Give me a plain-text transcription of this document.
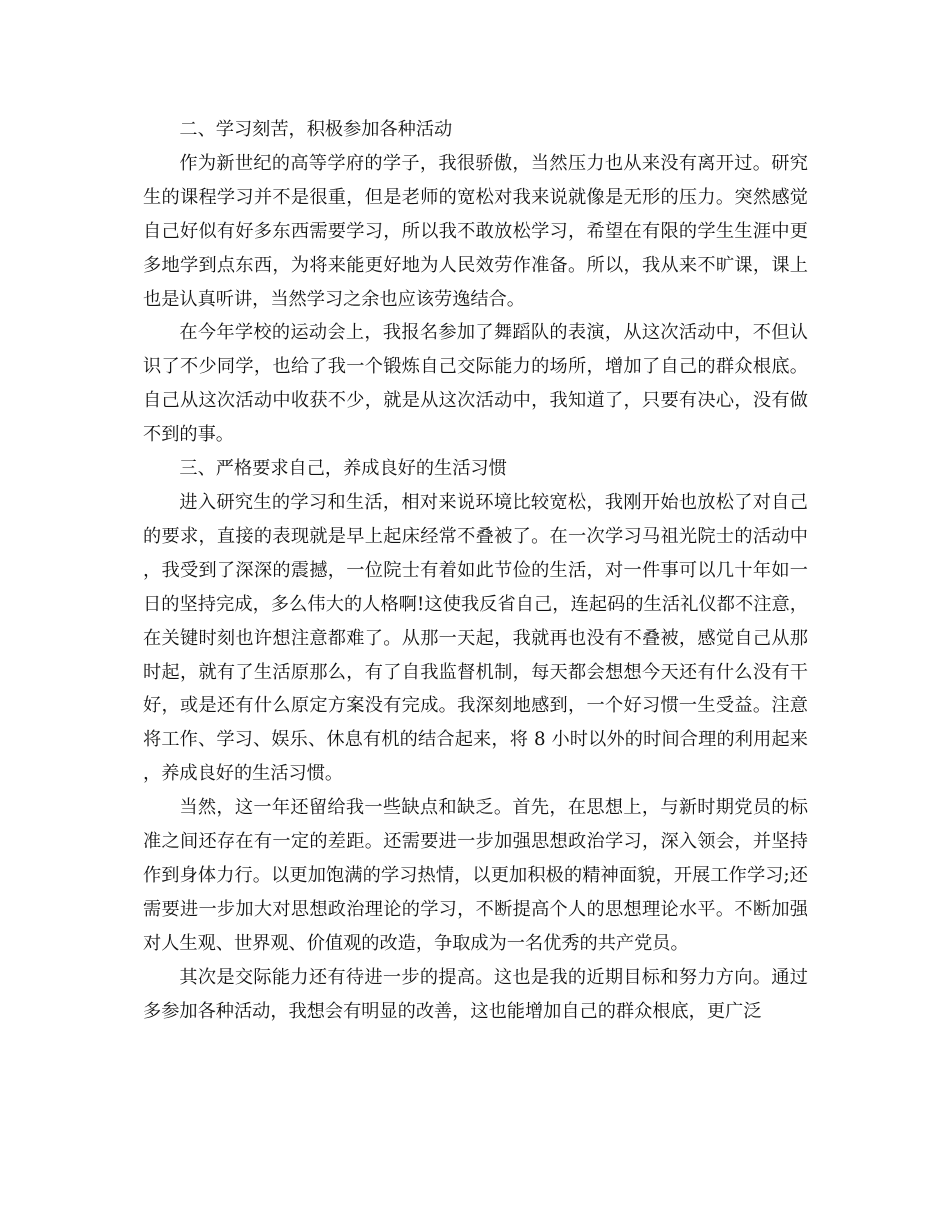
二、学习刻苦，积极参加各种活动

作为新世纪的高等学府的学子，我很骄傲，当然压力也从来没有离开过。研究生的课程学习并不是很重，但是老师的宽松对我来说就像是无形的压力。突然感觉自己好似有好多东西需要学习，所以我不敢放松学习，希望在有限的学生生涯中更多地学到点东西，为将来能更好地为人民效劳作准备。所以，我从来不旷课，课上也是认真听讲，当然学习之余也应该劳逸结合。

在今年学校的运动会上，我报名参加了舞蹈队的表演，从这次活动中，不但认识了不少同学，也给了我一个锻炼自己交际能力的场所，增加了自己的群众根底。自己从这次活动中收获不少，就是从这次活动中，我知道了，只要有决心，没有做不到的事。

三、严格要求自己，养成良好的生活习惯

进入研究生的学习和生活，相对来说环境比较宽松，我刚开始也放松了对自己的要求，直接的表现就是早上起床经常不叠被了。在一次学习马祖光院士的活动中，我受到了深深的震撼，一位院士有着如此节俭的生活，对一件事可以几十年如一日的坚持完成，多么伟大的人格啊!这使我反省自己，连起码的生活礼仪都不注意，在关键时刻也许想注意都难了。从那一天起，我就再也没有不叠被，感觉自己从那时起，就有了生活原那么，有了自我监督机制，每天都会想想今天还有什么没有干好，或是还有什么原定方案没有完成。我深刻地感到，一个好习惯一生受益。注意将工作、学习、娱乐、休息有机的结合起来，将 8 小时以外的时间合理的利用起来，养成良好的生活习惯。

当然，这一年还留给我一些缺点和缺乏。首先，在思想上，与新时期党员的标准之间还存在有一定的差距。还需要进一步加强思想政治学习，深入领会，并坚持作到身体力行。以更加饱满的学习热情，以更加积极的精神面貌，开展工作学习;还需要进一步加大对思想政治理论的学习，不断提高个人的思想理论水平。不断加强对人生观、世界观、价值观的改造，争取成为一名优秀的共产党员。

其次是交际能力还有待进一步的提高。这也是我的近期目标和努力方向。通过多参加各种活动，我想会有明显的改善，这也能增加自己的群众根底，更广泛
